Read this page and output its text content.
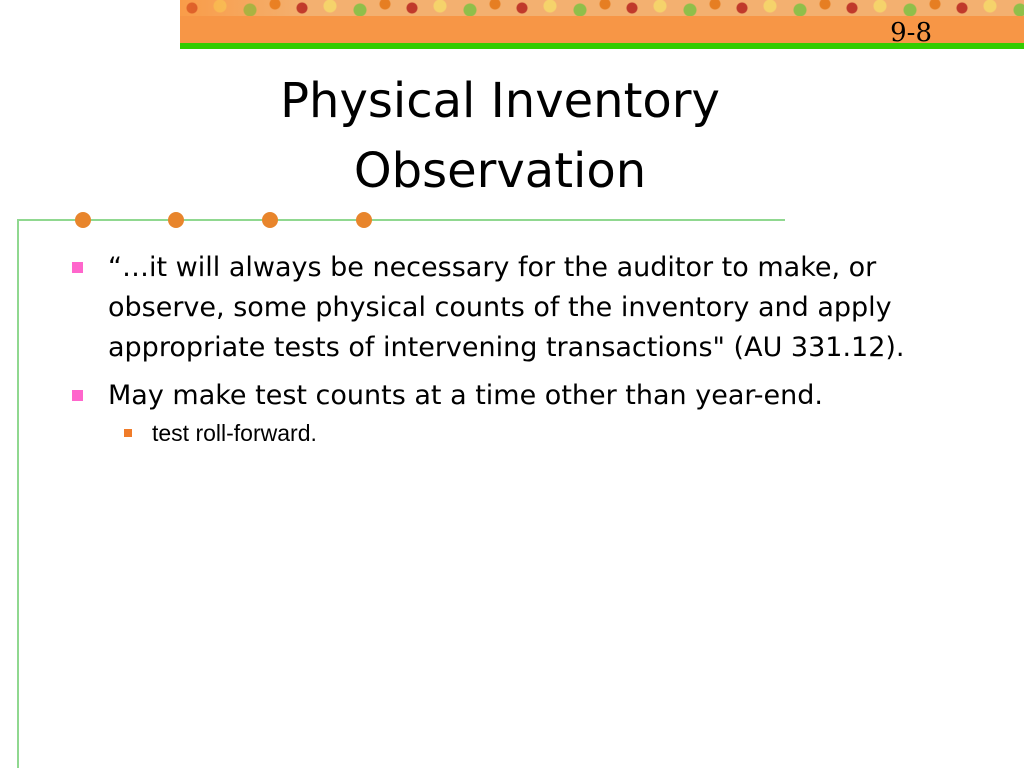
9-8
Physical Inventory
Observation
“…it will always be necessary for the auditor to make, or observe, some physical counts of the inventory and apply appropriate tests of intervening transactions" (AU 331.12).
May make test counts at a time other than year-end.
test roll-forward.
